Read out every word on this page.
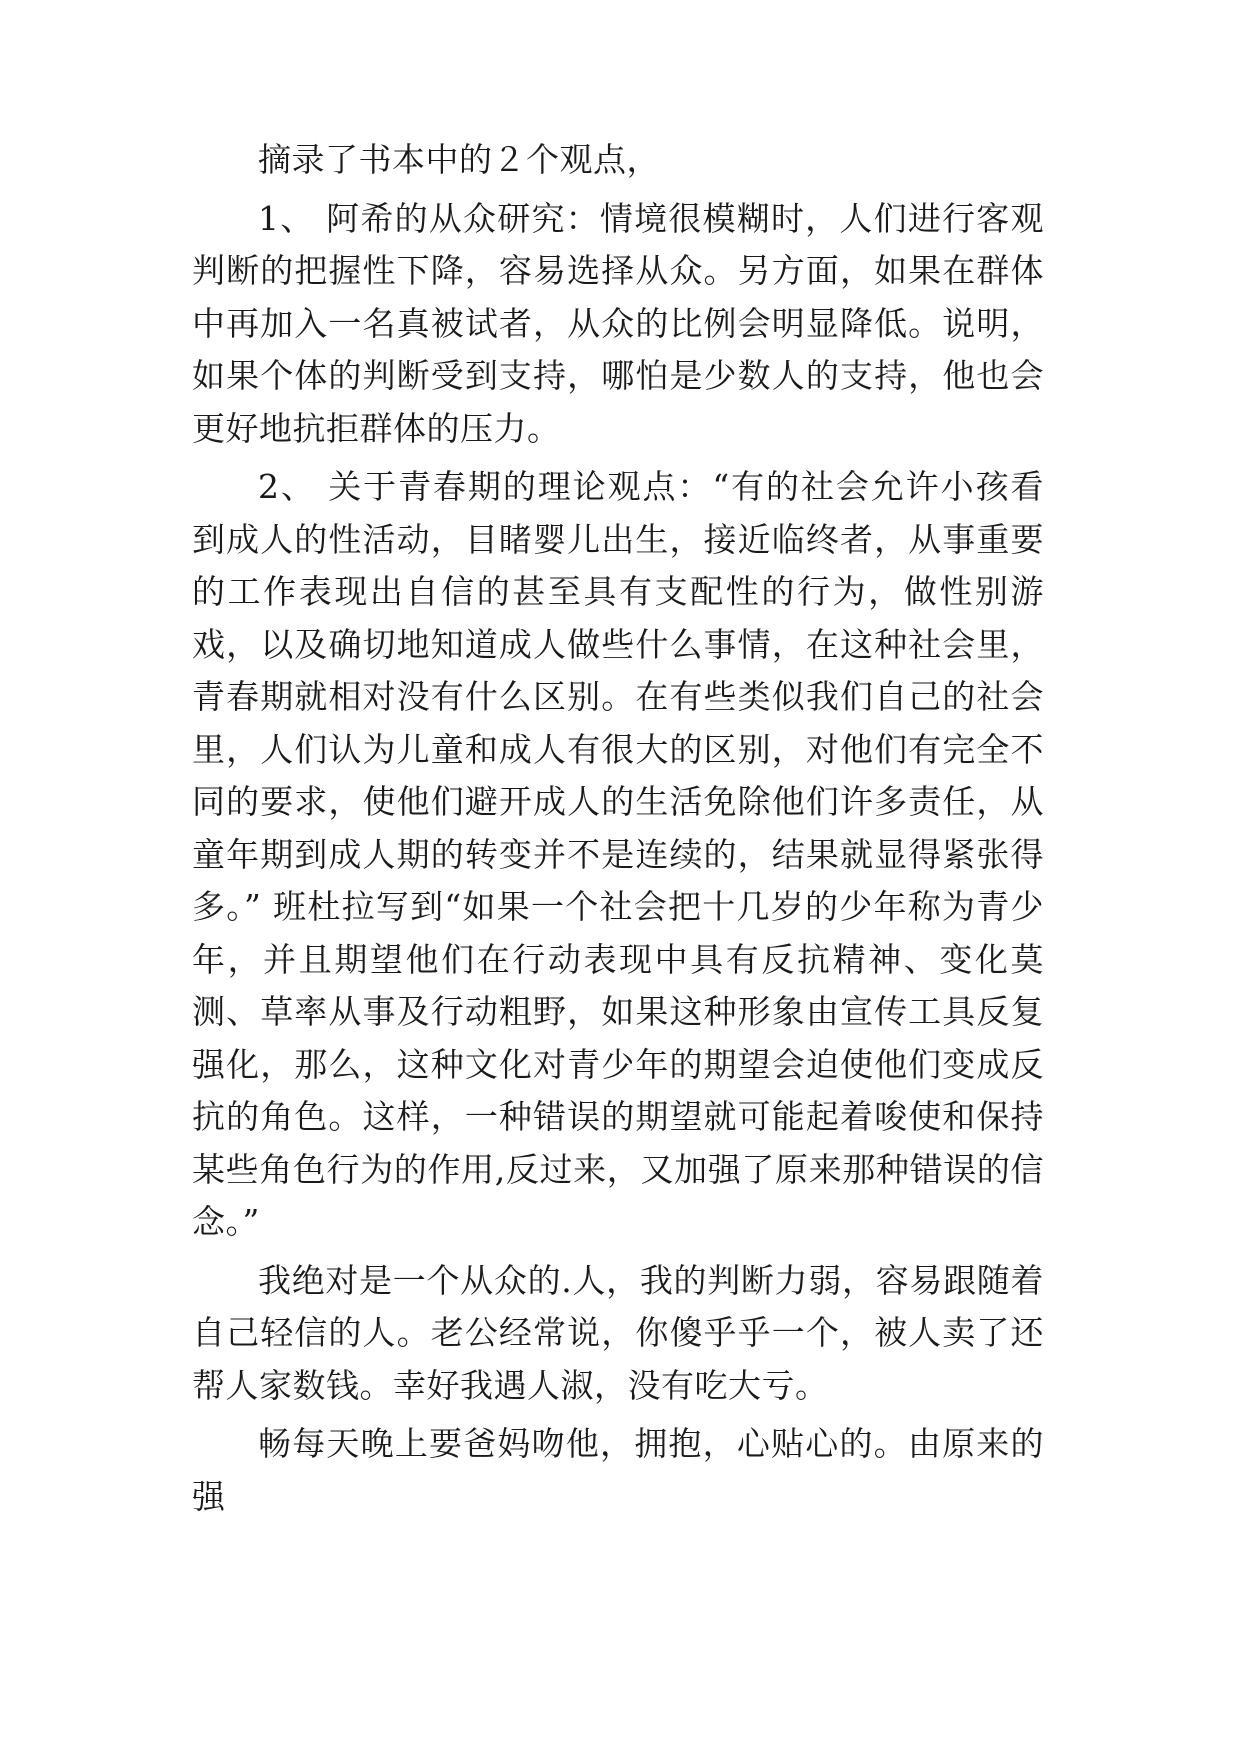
摘录了书本中的２个观点，

1、 阿希的从众研究：情境很模糊时，人们进行客观判断的把握性下降，容易选择从众。另方面，如果在群体中再加入一名真被试者，从众的比例会明显降低。说明，如果个体的判断受到支持，哪怕是少数人的支持，他也会更好地抗拒群体的压力。

2、 关于青春期的理论观点：“有的社会允许小孩看到成人的性活动，目睹婴儿出生，接近临终者，从事重要的工作表现出自信的甚至具有支配性的行为，做性别游戏，以及确切地知道成人做些什么事情，在这种社会里，青春期就相对没有什么区别。在有些类似我们自己的社会里，人们认为儿童和成人有很大的区别，对他们有完全不同的要求，使他们避开成人的生活免除他们许多责任，从童年期到成人期的转变并不是连续的，结果就显得紧张得多。” 班杜拉写到“如果一个社会把十几岁的少年称为青少年，并且期望他们在行动表现中具有反抗精神、变化莫测、草率从事及行动粗野，如果这种形象由宣传工具反复强化，那么，这种文化对青少年的期望会迫使他们变成反抗的角色。这样，一种错误的期望就可能起着唆使和保持某些角色行为的作用,反过来，又加强了原来那种错误的信念。”

我绝对是一个从众的.人，我的判断力弱，容易跟随着自己轻信的人。老公经常说，你傻乎乎一个，被人卖了还帮人家数钱。幸好我遇人淑，没有吃大亏。

畅每天晚上要爸妈吻他，拥抱，心贴心的。由原来的强
